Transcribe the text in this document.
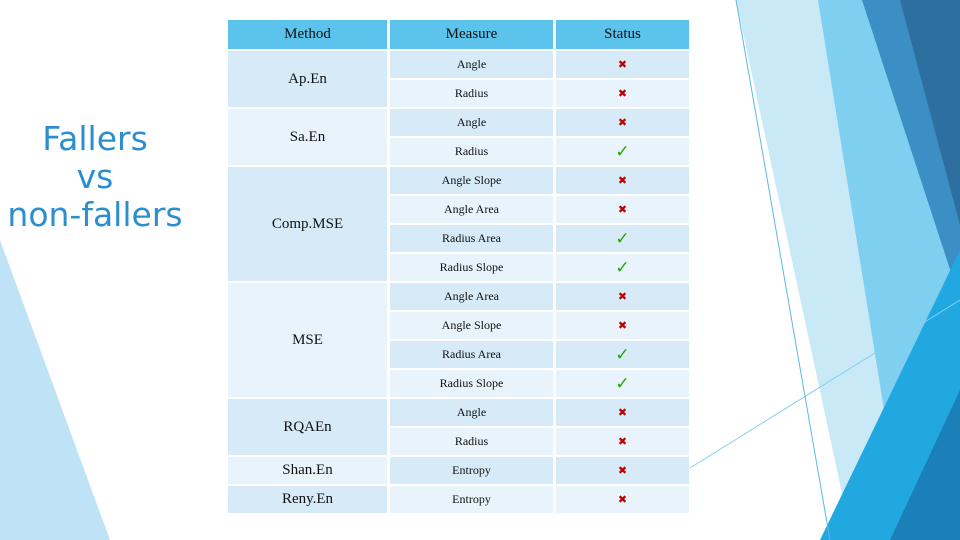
Fallers
vs
non-fallers
Method	Measure	Status
Ap.En	Angle	✖
	Radius	✖
Sa.En	Angle	✖
	Radius	✓
Comp.MSE	Angle Slope	✖
	Angle Area	✖
	Radius Area	✓
	Radius Slope	✓
MSE	Angle Area	✖
	Angle Slope	✖
	Radius Area	✓
	Radius Slope	✓
RQAEn	Angle	✖
	Radius	✖
Shan.En	Entropy	✖
Reny.En	Entropy	✖
